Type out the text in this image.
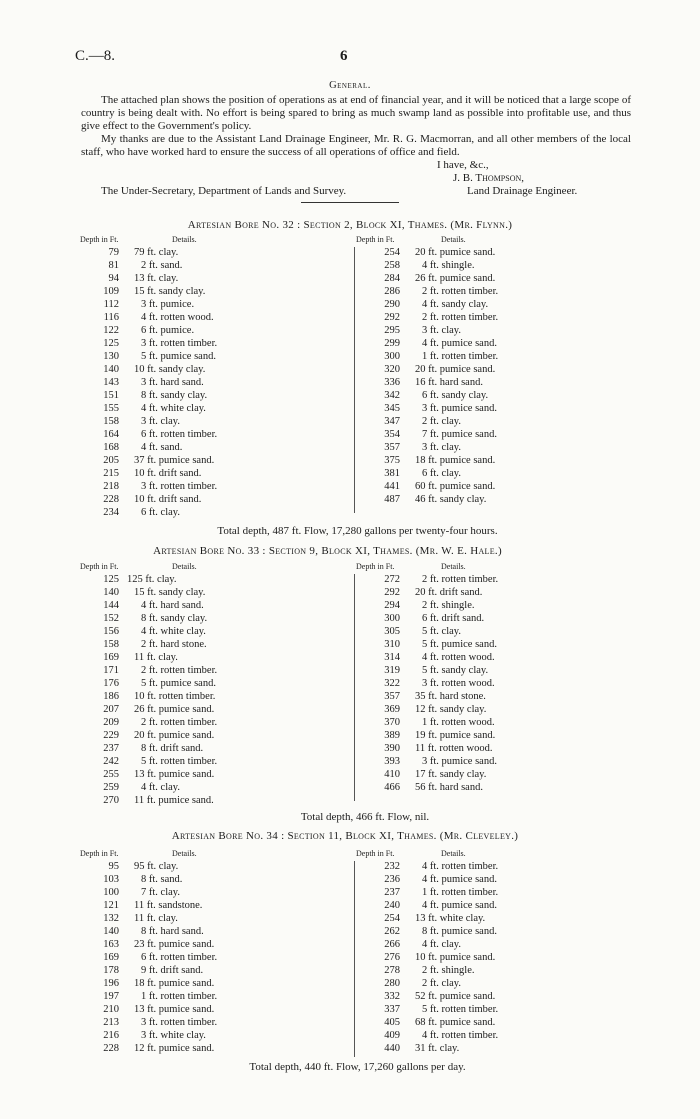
C.—8.	6
General.

The attached plan shows the position of operations as at end of financial year, and it will be noticed that a large scope of country is being dealt with. No effort is being spared to bring as much swamp land as possible into profitable use, and thus give effect to the Government's policy.

My thanks are due to the Assistant Land Drainage Engineer, Mr. R. G. Macmorran, and all other members of the local staff, who have worked hard to ensure the success of all operations of office and field.

I have, &c.,
J. B. Thompson,
Land Drainage Engineer.
The Under-Secretary, Department of Lands and Survey.
Artesian Bore No. 32 : Section 2, Block XI, Thames. (Mr. Flynn.)
Depth in Ft.	Details.	Depth in Ft.	Details.
79 79 ft. clay.
81 2 ft. sand.
94 13 ft. clay.
109 15 ft. sandy clay.
112 3 ft. pumice.
116 4 ft. rotten wood.
122 6 ft. pumice.
125 3 ft. rotten timber.
130 5 ft. pumice sand.
140 10 ft. sandy clay.
143 3 ft. hard sand.
151 8 ft. sandy clay.
155 4 ft. white clay.
158 3 ft. clay.
164 6 ft. rotten timber.
168 4 ft. sand.
205 37 ft. pumice sand.
215 10 ft. drift sand.
218 3 ft. rotten timber.
228 10 ft. drift sand.
234 6 ft. clay.
254 20 ft. pumice sand.
258 4 ft. shingle.
284 26 ft. pumice sand.
286 2 ft. rotten timber.
290 4 ft. sandy clay.
292 2 ft. rotten timber.
295 3 ft. clay.
299 4 ft. pumice sand.
300 1 ft. rotten timber.
320 20 ft. pumice sand.
336 16 ft. hard sand.
342 6 ft. sandy clay.
345 3 ft. pumice sand.
347 2 ft. clay.
354 7 ft. pumice sand.
357 3 ft. clay.
375 18 ft. pumice sand.
381 6 ft. clay.
441 60 ft. pumice sand.
487 46 ft. sandy clay.
Total depth, 487 ft. Flow, 17,280 gallons per twenty-four hours.
Artesian Bore No. 33 : Section 9, Block XI, Thames. (Mr. W. E. Hale.)
Depth in Ft.	Details.	Depth in Ft.	Details.
125 125 ft. clay.
140 15 ft. sandy clay.
144 4 ft. hard sand.
152 8 ft. sandy clay.
156 4 ft. white clay.
158 2 ft. hard stone.
169 11 ft. clay.
171 2 ft. rotten timber.
176 5 ft. pumice sand.
186 10 ft. rotten timber.
207 26 ft. pumice sand.
209 2 ft. rotten timber.
229 20 ft. pumice sand.
237 8 ft. drift sand.
242 5 ft. rotten timber.
255 13 ft. pumice sand.
259 4 ft. clay.
270 11 ft. pumice sand.
272 2 ft. rotten timber.
292 20 ft. drift sand.
294 2 ft. shingle.
300 6 ft. drift sand.
305 5 ft. clay.
310 5 ft. pumice sand.
314 4 ft. rotten wood.
319 5 ft. sandy clay.
322 3 ft. rotten wood.
357 35 ft. hard stone.
369 12 ft. sandy clay.
370 1 ft. rotten wood.
389 19 ft. pumice sand.
390 11 ft. rotten wood.
393 3 ft. pumice sand.
410 17 ft. sandy clay.
466 56 ft. hard sand.
Total depth, 466 ft. Flow, nil.
Artesian Bore No. 34 : Section 11, Block XI, Thames. (Mr. Cleveley.)
Depth in Ft.	Details.	Depth in Ft.	Details.
95 95 ft. clay.
103 8 ft. sand.
100 7 ft. clay.
121 11 ft. sandstone.
132 11 ft. clay.
140 8 ft. hard sand.
163 23 ft. pumice sand.
169 6 ft. rotten timber.
178 9 ft. drift sand.
196 18 ft. pumice sand.
197 1 ft. rotten timber.
210 13 ft. pumice sand.
213 3 ft. rotten timber.
216 3 ft. white clay.
228 12 ft. pumice sand.
232 4 ft. rotten timber.
236 4 ft. pumice sand.
237 1 ft. rotten timber.
240 4 ft. pumice sand.
254 13 ft. white clay.
262 8 ft. pumice sand.
266 4 ft. clay.
276 10 ft. pumice sand.
278 2 ft. shingle.
280 2 ft. clay.
332 52 ft. pumice sand.
337 5 ft. rotten timber.
405 68 ft. pumice sand.
409 4 ft. rotten timber.
440 31 ft. clay.
Total depth, 440 ft. Flow, 17,260 gallons per day.
